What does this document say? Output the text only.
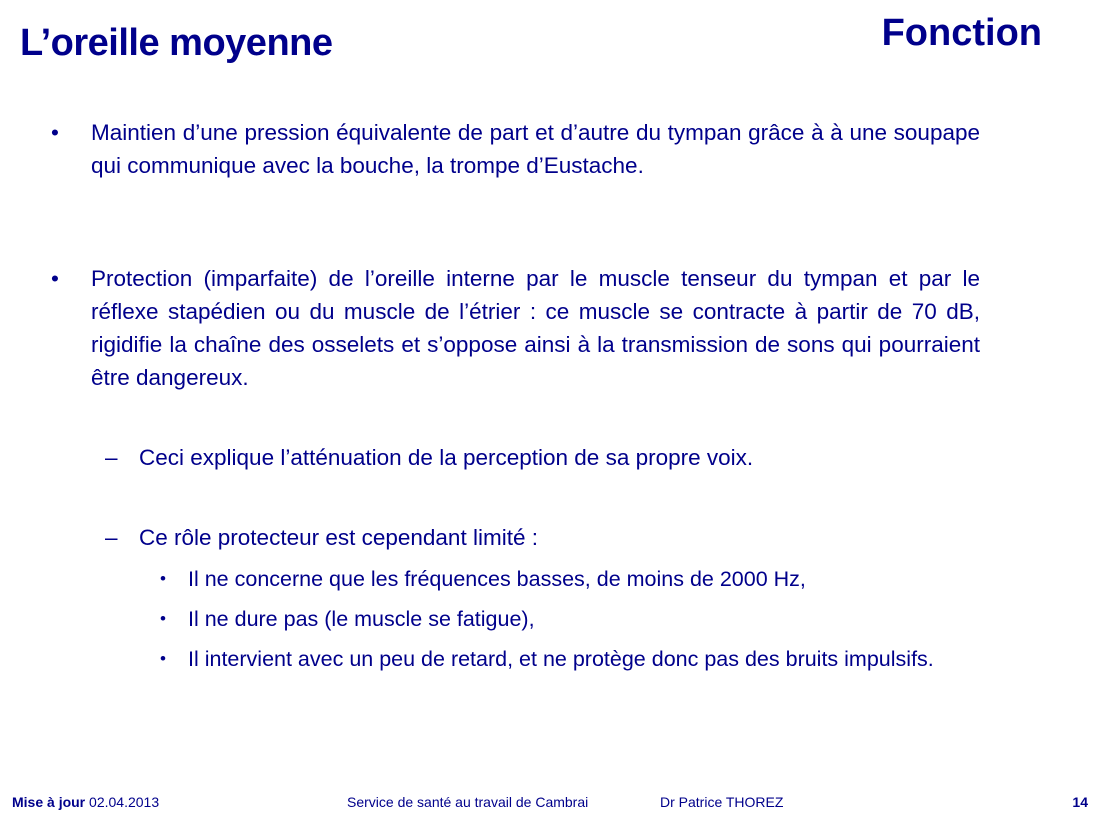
L’oreille moyenne	Fonction
• Maintien d’une pression équivalente de part et d’autre du tympan grâce à à une soupape qui communique avec la bouche, la trompe d’Eustache.
• Protection (imparfaite) de l’oreille interne par le muscle tenseur du tympan et par le réflexe stapédien ou du muscle de l’étrier : ce muscle se contracte à partir de 70 dB, rigidifie la chaîne des osselets et s’oppose ainsi à la transmission de sons qui pourraient être dangereux.
– Ceci explique l’atténuation de la perception de sa propre voix.
– Ce rôle protecteur est cependant limité :
• Il ne concerne que les fréquences basses, de moins de 2000 Hz,
• Il ne dure pas (le muscle se fatigue),
• Il intervient avec un peu de retard, et ne protège donc pas des bruits impulsifs.
Mise à jour 02.04.2013	Service de santé au travail de Cambrai	Dr Patrice THOREZ	14
